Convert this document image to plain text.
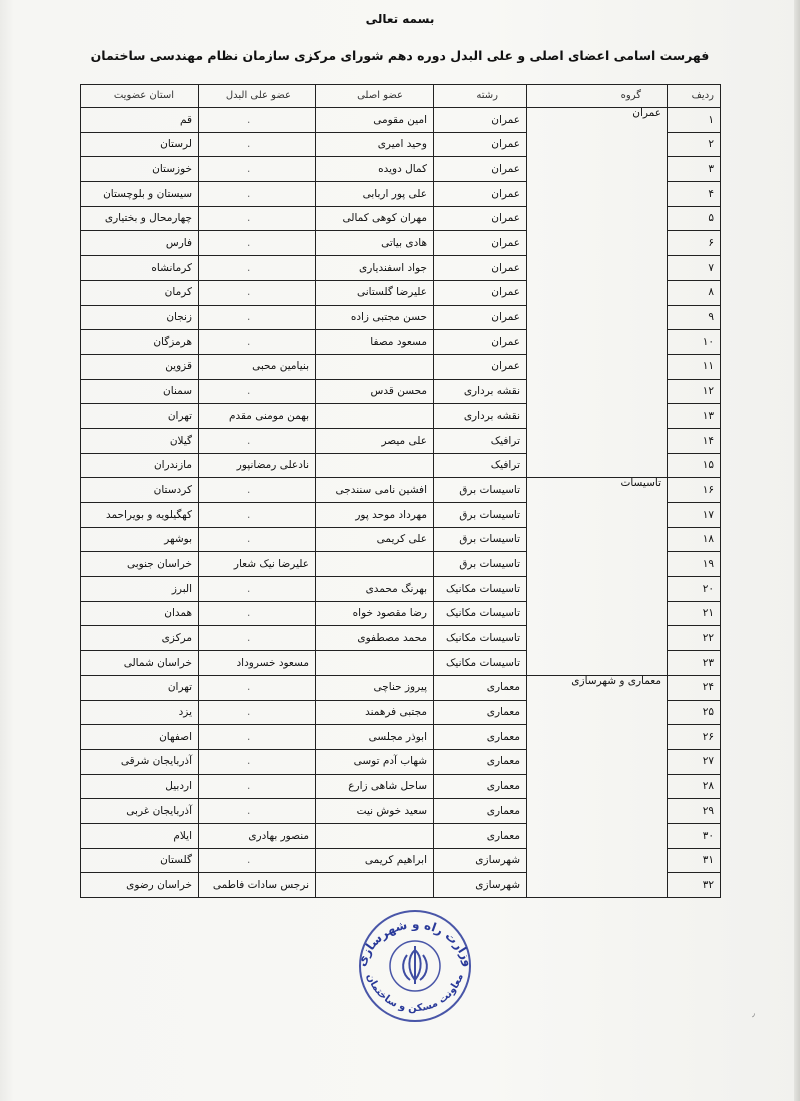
بسمه تعالی
فهرست اسامی اعضای اصلی و علی البدل دوره دهم شورای مرکزی سازمان نظام مهندسی ساختمان
ردیف	گروه	رشته	عضو اصلی	عضو علی البدل	استان عضویت
۱	عمران	عمران	امین مقومی	.	قم
۲		عمران	وحید امیری	.	لرستان
۳		عمران	کمال دویده	.	خوزستان
۴		عمران	علی پور اربابی	.	سیستان و بلوچستان
۵		عمران	مهران کوهی کمالی	.	چهارمحال و بختیاری
۶		عمران	هادی بیاتی	.	فارس
۷		عمران	جواد اسفندیاری	.	کرمانشاه
۸		عمران	علیرضا گلستانی	.	کرمان
۹		عمران	حسن مجتبی زاده	.	زنجان
۱۰		عمران	مسعود مصفا	.	هرمزگان
۱۱		عمران		بنیامین محبی	قزوین
۱۲		نقشه برداری	محسن قدس	.	سمنان
۱۳		نقشه برداری		بهمن مومنی مقدم	تهران
۱۴		ترافیک	علی میصر	.	گیلان
۱۵		ترافیک		نادعلی رمضانپور	مازندران
۱۶	تاسیسات	تاسیسات برق	افشین نامی سنندجی	.	کردستان
۱۷		تاسیسات برق	مهرداد موحد پور	.	کهگیلویه و بویراحمد
۱۸		تاسیسات برق	علی کریمی	.	بوشهر
۱۹		تاسیسات برق		علیرضا نیک شعار	خراسان جنوبی
۲۰		تاسیسات مکانیک	بهرنگ محمدی	.	البرز
۲۱		تاسیسات مکانیک	رضا مقصود خواه	.	همدان
۲۲		تاسیسات مکانیک	محمد مصطفوی	.	مرکزی
۲۳		تاسیسات مکانیک		مسعود خسروداد	خراسان شمالی
۲۴	معماری و شهرسازی	معماری	پیروز حناچی	.	تهران
۲۵		معماری	مجتبی فرهمند	.	یزد
۲۶		معماری	ابوذر مجلسی	.	اصفهان
۲۷		معماری	شهاب آدم توسی	.	آذربایجان شرقی
۲۸		معماری	ساحل شاهی زارع	.	اردبیل
۲۹		معماری	سعید خوش نیت	.	آذربایجان غربی
۳۰		معماری		منصور بهادری	ایلام
۳۱		شهرسازی	ابراهیم کریمی	.	گلستان
۳۲		شهرسازی		نرجس سادات فاطمی	خراسان رضوی
وزارت راه و شهرسازی
معاونت مسکن و ساختمان
٫
